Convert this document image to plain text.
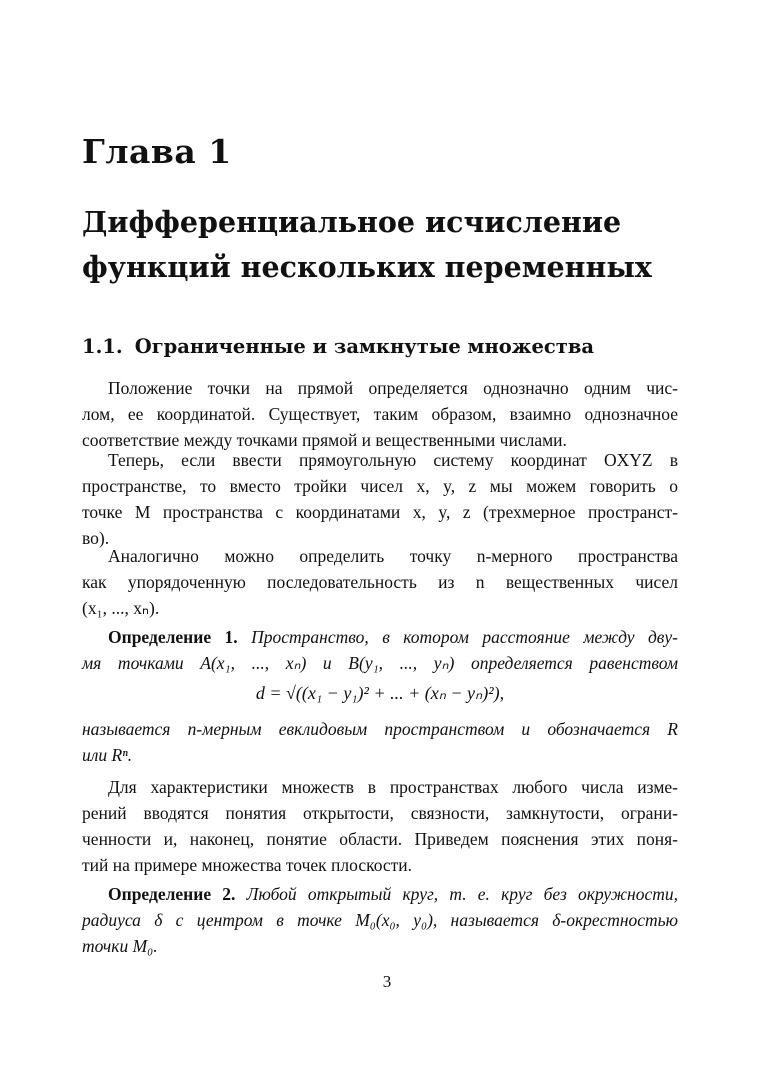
Глава 1
Дифференциальное исчисление
функций нескольких переменных
1.1. Ограниченные и замкнутые множества
Положение точки на прямой определяется однозначно одним чис-
лом, ее координатой. Существует, таким образом, взаимно однозначное
соответствие между точками прямой и вещественными числами.
Теперь, если ввести прямоугольную систему координат OXYZ в
пространстве, то вместо тройки чисел x, y, z мы можем говорить о
точке M пространства с координатами x, y, z (трехмерное пространст-
во).
Аналогично можно определить точку n-мерного пространства
как упорядоченную последовательность из n вещественных чисел
(x₁, ..., xₙ).
Определение 1. Пространство, в котором расстояние между дву-
мя точками A(x₁, ..., xₙ) и B(y₁, ..., yₙ) определяется равенством
d = √((x₁ − y₁)² + ... + (xₙ − yₙ)²),
называется n-мерным евклидовым пространством и обозначается R
или Rⁿ.
Для характеристики множеств в пространствах любого числа изме-
рений вводятся понятия открытости, связности, замкнутости, ограни-
ченности и, наконец, понятие области. Приведем пояснения этих поня-
тий на примере множества точек плоскости.
Определение 2. Любой открытый круг, т. е. круг без окружности,
радиуса δ с центром в точке M₀(x₀, y₀), называется δ-окрестностью
точки M₀.
3
